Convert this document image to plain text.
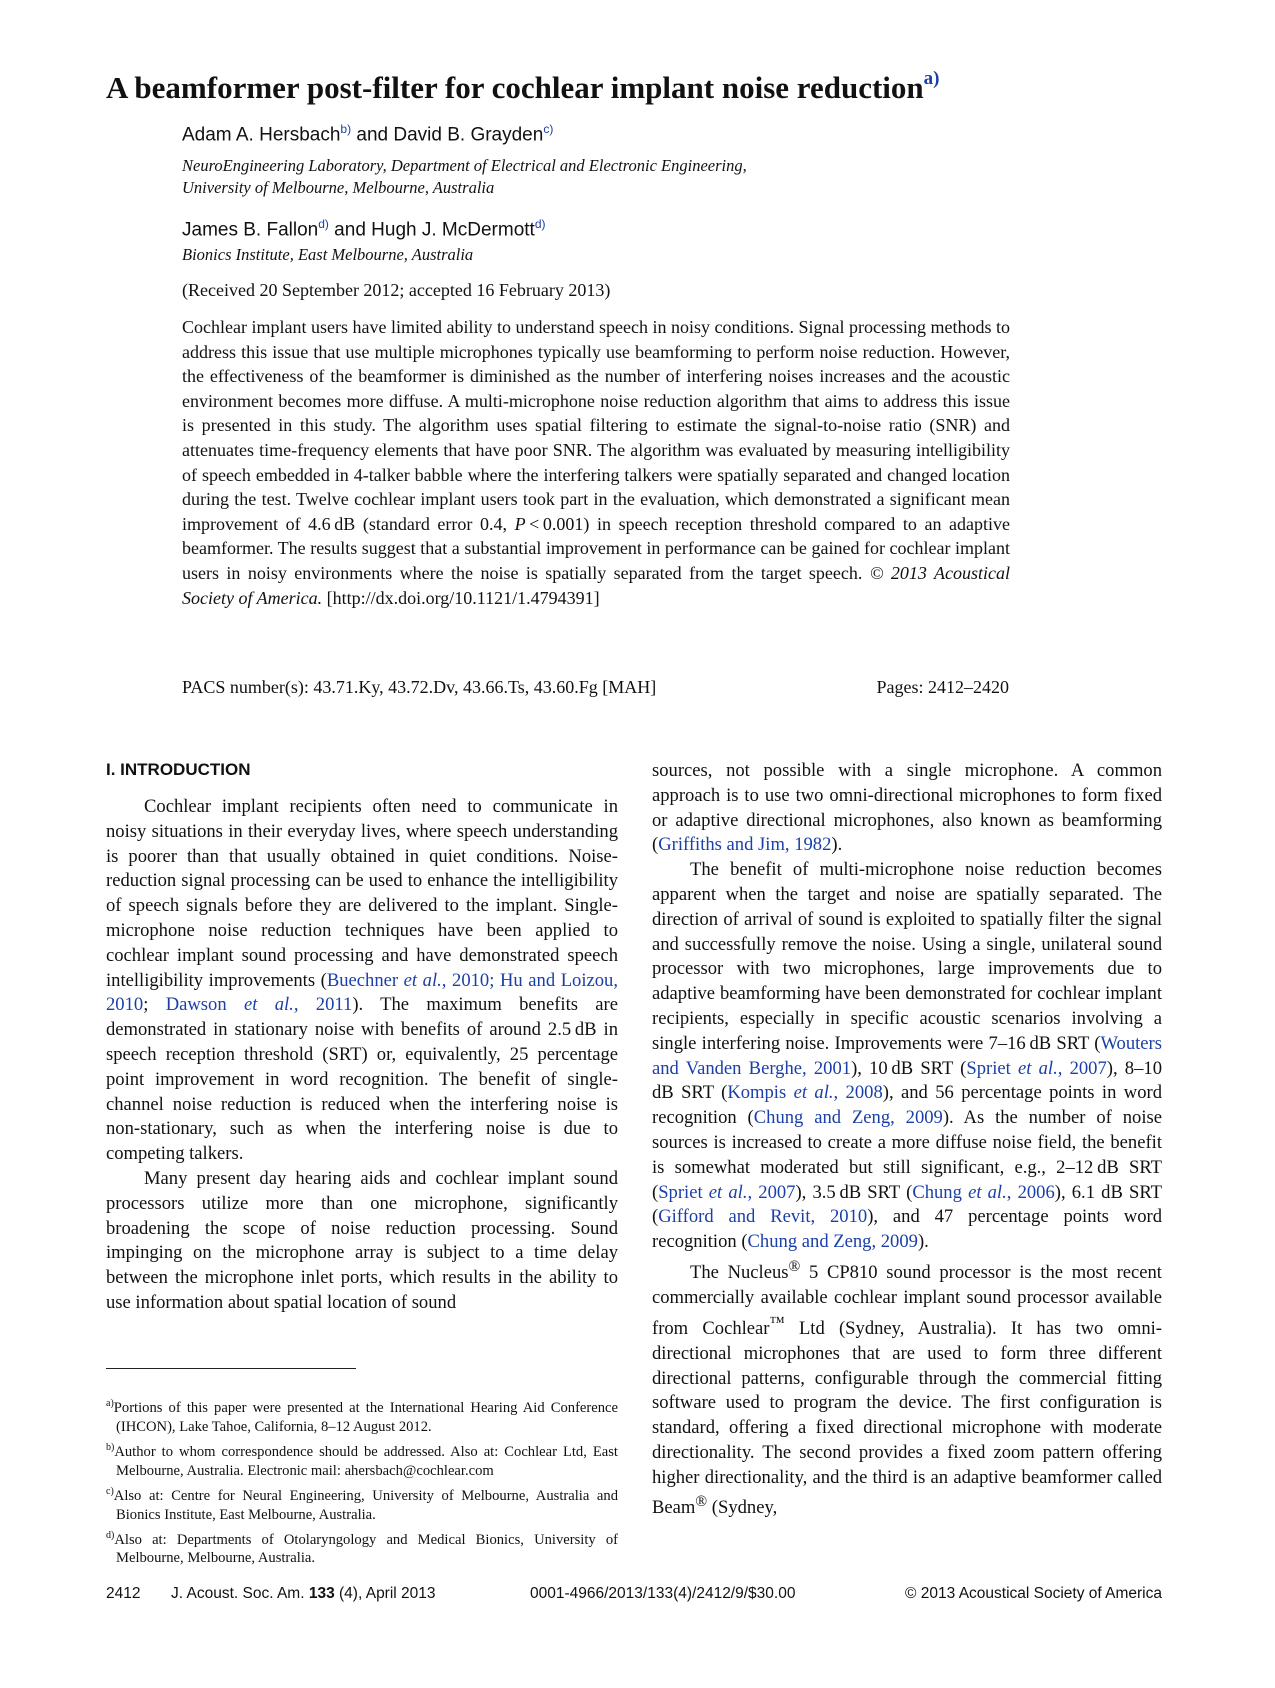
A beamformer post-filter for cochlear implant noise reduction$^{a)}$
Adam A. Hersbach$^{b)}$ and David B. Grayden$^{c)}$
NeuroEngineering Laboratory, Department of Electrical and Electronic Engineering,
University of Melbourne, Melbourne, Australia
James B. Fallon$^{d)}$ and Hugh J. McDermott$^{d)}$
Bionics Institute, East Melbourne, Australia
(Received 20 September 2012; accepted 16 February 2013)

Cochlear implant users have limited ability to understand speech in noisy conditions. Signal processing methods to address this issue that use multiple microphones typically use beamforming to perform noise reduction. However, the effectiveness of the beamformer is diminished as the number of interfering noises increases and the acoustic environment becomes more diffuse. A multi-microphone noise reduction algorithm that aims to address this issue is presented in this study. The algorithm uses spatial filtering to estimate the signal-to-noise ratio (SNR) and attenuates time-frequency elements that have poor SNR. The algorithm was evaluated by measuring intelligibility of speech embedded in 4-talker babble where the interfering talkers were spatially separated and changed location during the test. Twelve cochlear implant users took part in the evaluation, which demonstrated a significant mean improvement of 4.6 dB (standard error 0.4, P < 0.001) in speech reception threshold compared to an adaptive beamformer. The results suggest that a substantial improvement in performance can be gained for cochlear implant users in noisy environments where the noise is spatially separated from the target speech. © 2013 Acoustical Society of America. [http://dx.doi.org/10.1121/1.4794391]

PACS number(s): 43.71.Ky, 43.72.Dv, 43.66.Ts, 43.60.Fg [MAH]	Pages: 2412–2420
I. INTRODUCTION

Cochlear implant recipients often need to communicate in noisy situations in their everyday lives, where speech understanding is poorer than that usually obtained in quiet conditions. Noise-reduction signal processing can be used to enhance the intelligibility of speech signals before they are delivered to the implant. Single-microphone noise reduction techniques have been applied to cochlear implant sound processing and have demonstrated speech intelligibility improvements (Buechner et al., 2010; Hu and Loizou, 2010; Dawson et al., 2011). The maximum benefits are demonstrated in stationary noise with benefits of around 2.5 dB in speech reception threshold (SRT) or, equivalently, 25 percentage point improvement in word recognition. The benefit of single-channel noise reduction is reduced when the interfering noise is non-stationary, such as when the interfering noise is due to competing talkers.

Many present day hearing aids and cochlear implant sound processors utilize more than one microphone, significantly broadening the scope of noise reduction processing. Sound impinging on the microphone array is subject to a time delay between the microphone inlet ports, which results in the ability to use information about spatial location of sound

sources, not possible with a single microphone. A common approach is to use two omni-directional microphones to form fixed or adaptive directional microphones, also known as beamforming (Griffiths and Jim, 1982).

The benefit of multi-microphone noise reduction becomes apparent when the target and noise are spatially separated. The direction of arrival of sound is exploited to spatially filter the signal and successfully remove the noise. Using a single, unilateral sound processor with two microphones, large improvements due to adaptive beamforming have been demonstrated for cochlear implant recipients, especially in specific acoustic scenarios involving a single interfering noise. Improvements were 7–16 dB SRT (Wouters and Vanden Berghe, 2001), 10 dB SRT (Spriet et al., 2007), 8–10 dB SRT (Kompis et al., 2008), and 56 percentage points in word recognition (Chung and Zeng, 2009). As the number of noise sources is increased to create a more diffuse noise field, the benefit is somewhat moderated but still significant, e.g., 2–12 dB SRT (Spriet et al., 2007), 3.5 dB SRT (Chung et al., 2006), 6.1 dB SRT (Gifford and Revit, 2010), and 47 percentage points word recognition (Chung and Zeng, 2009).

The Nucleus® 5 CP810 sound processor is the most recent commercially available cochlear implant sound processor available from Cochlear™ Ltd (Sydney, Australia). It has two omni-directional microphones that are used to form three different directional patterns, configurable through the commercial fitting software used to program the device. The first configuration is standard, offering a fixed directional microphone with moderate directionality. The second provides a fixed zoom pattern offering higher directionality, and the third is an adaptive beamformer called Beam® (Sydney,

$^{a)}$Portions of this paper were presented at the International Hearing Aid Conference (IHCON), Lake Tahoe, California, 8–12 August 2012.

$^{b)}$Author to whom correspondence should be addressed. Also at: Cochlear Ltd, East Melbourne, Australia. Electronic mail: ahersbach@cochlear.com

$^{c)}$Also at: Centre for Neural Engineering, University of Melbourne, Australia and Bionics Institute, East Melbourne, Australia.

$^{d)}$Also at: Departments of Otolaryngology and Medical Bionics, University of Melbourne, Melbourne, Australia.

2412 J. Acoust. Soc. Am. 133 (4), April 2013	0001-4966/2013/133(4)/2412/9/$30.00	© 2013 Acoustical Society of America
